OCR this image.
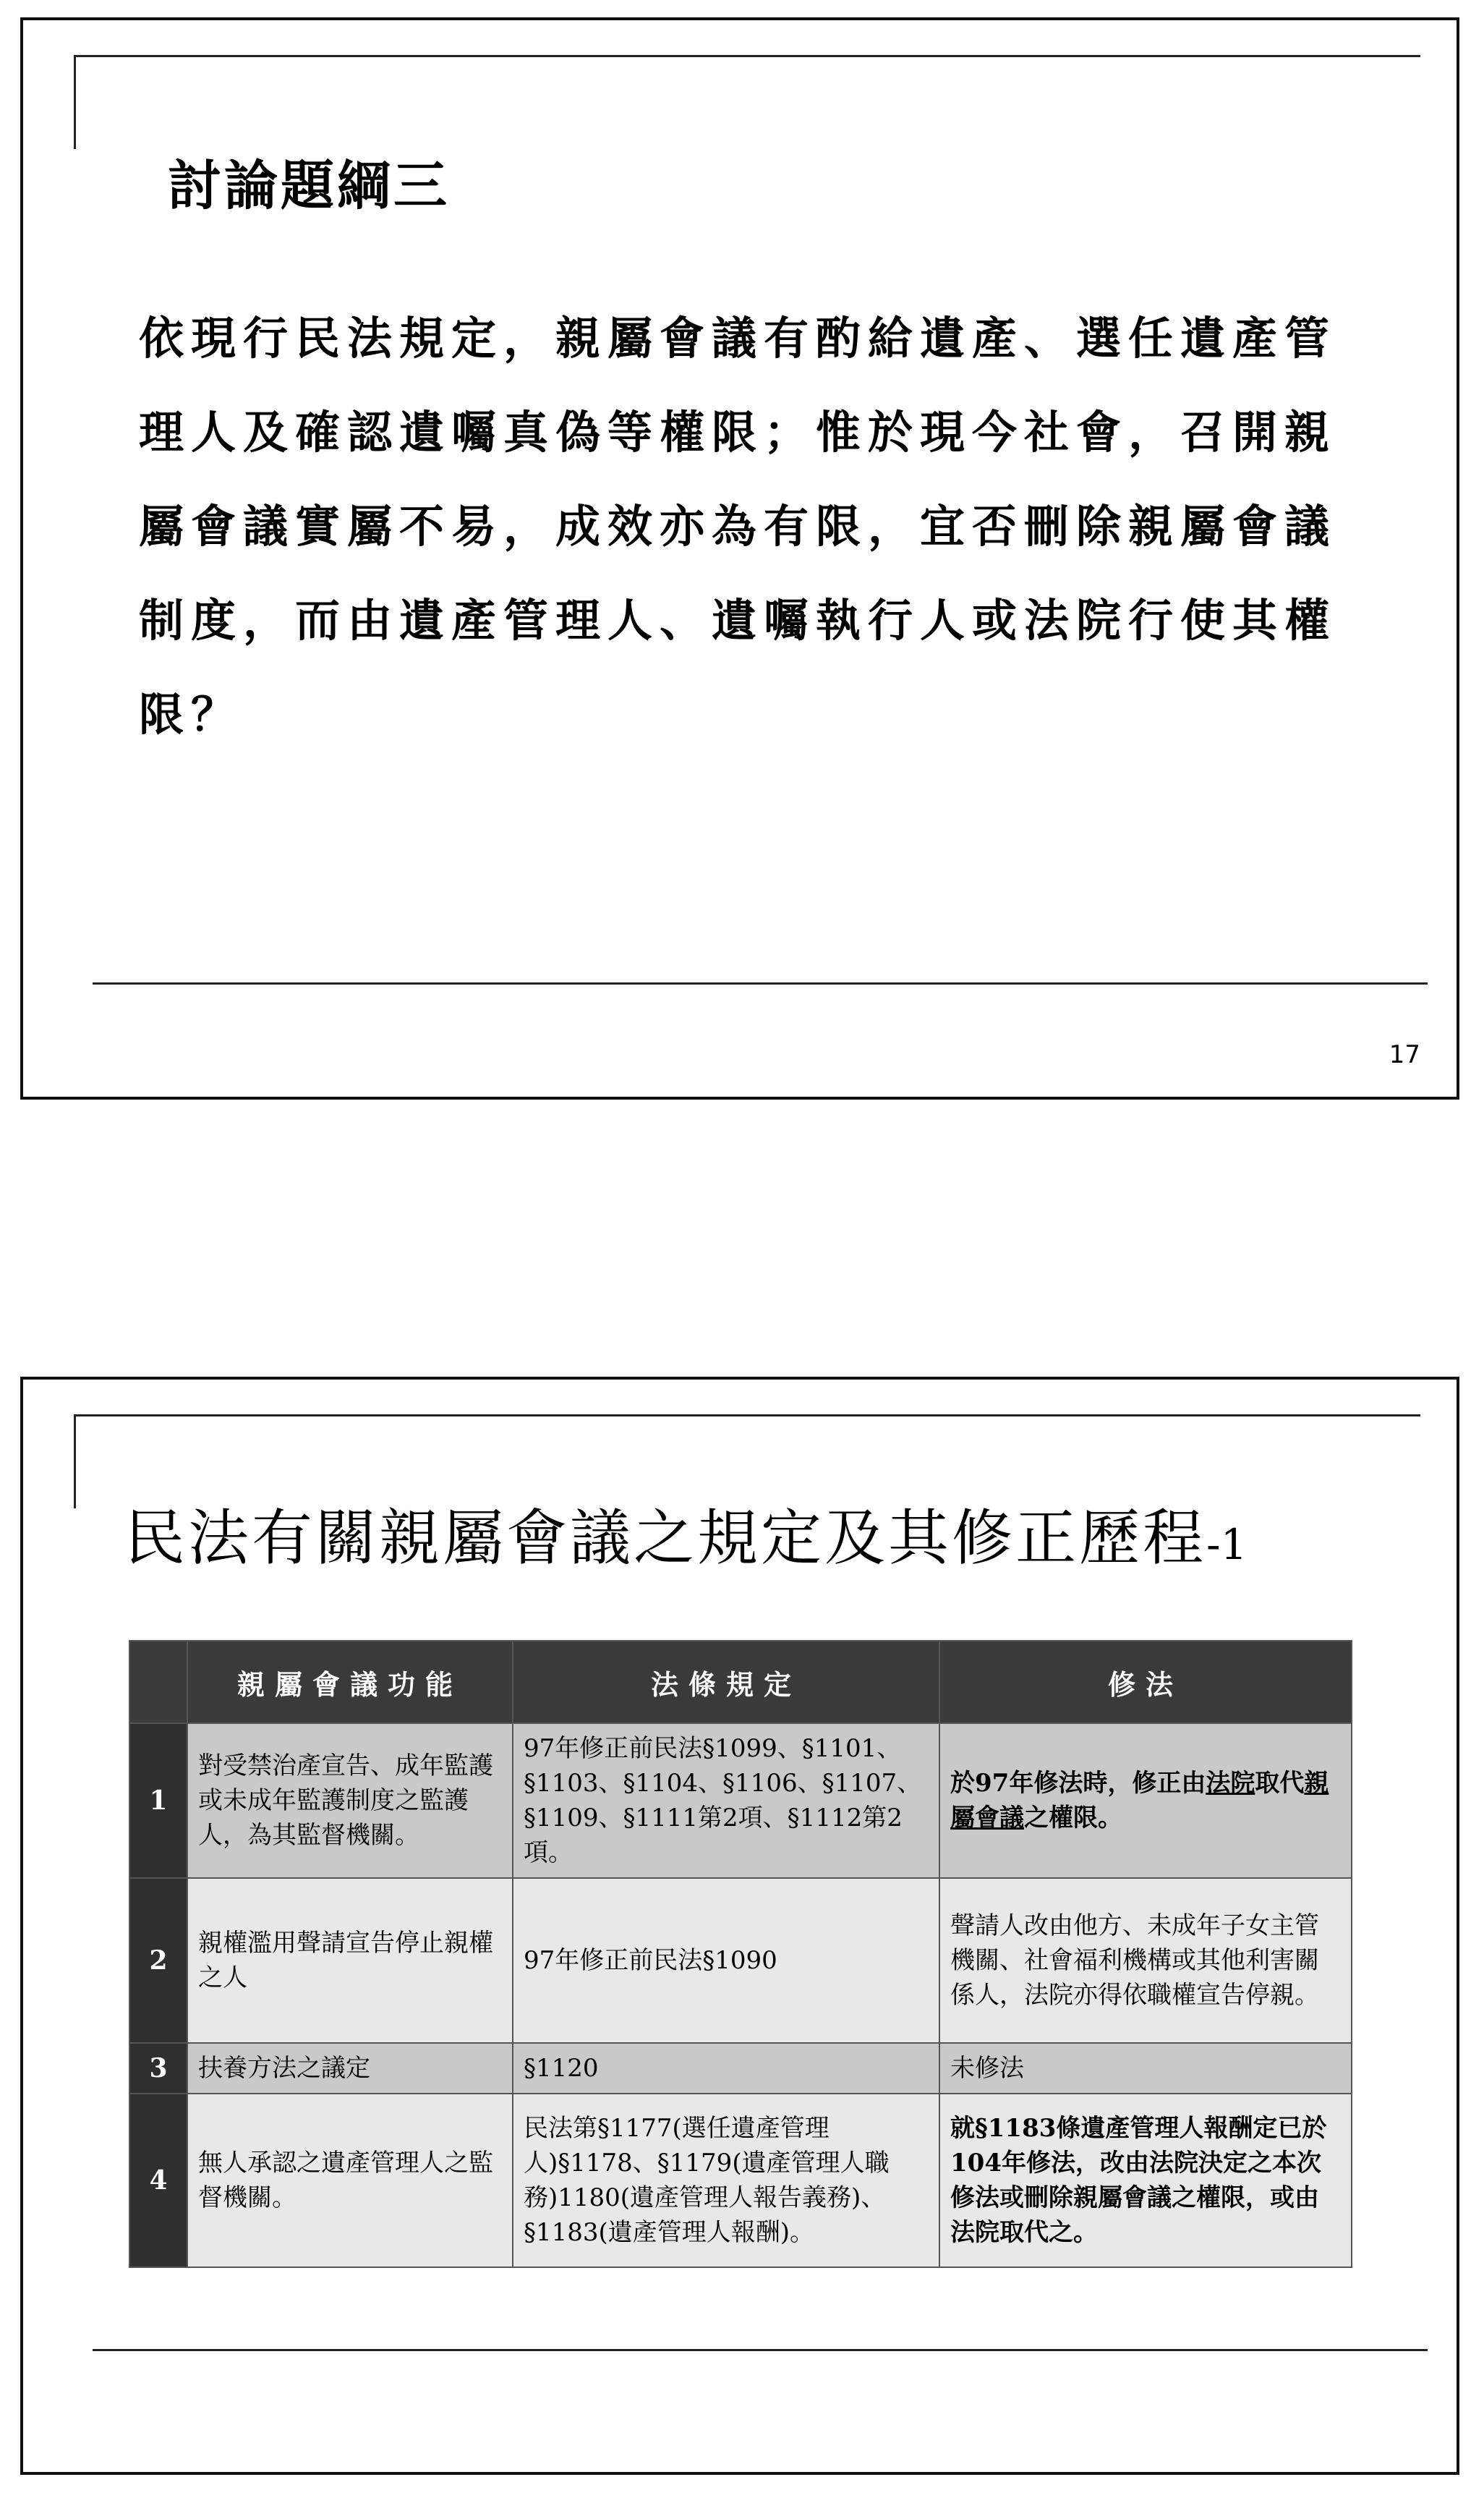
討論題綱三
依現行民法規定，親屬會議有酌給遺產、選任遺產管理人及確認遺囑真偽等權限；惟於現今社會，召開親屬會議實屬不易，成效亦為有限，宜否刪除親屬會議制度，而由遺產管理人、遺囑執行人或法院行使其權限？
17
民法有關親屬會議之規定及其修正歷程-1
	親屬會議功能	法條規定	修法
1	對受禁治產宣告、成年監護或未成年監護制度之監護人，為其監督機關。	97年修正前民法§1099、§1101、§1103、§1104、§1106、§1107、§1109、§1111第2項、§1112第2項。	於97年修法時，修正由法院取代親屬會議之權限。
2	親權濫用聲請宣告停止親權之人	97年修正前民法§1090	聲請人改由他方、未成年子女主管機關、社會福利機構或其他利害關係人，法院亦得依職權宣告停親。
3	扶養方法之議定	§1120	未修法
4	無人承認之遺產管理人之監督機關。	民法第§1177(選任遺產管理人)§1178、§1179(遺產管理人職務)1180(遺產管理人報告義務)、§1183(遺產管理人報酬)。	就§1183條遺產管理人報酬定已於104年修法，改由法院決定之本次修法或刪除親屬會議之權限，或由法院取代之。
